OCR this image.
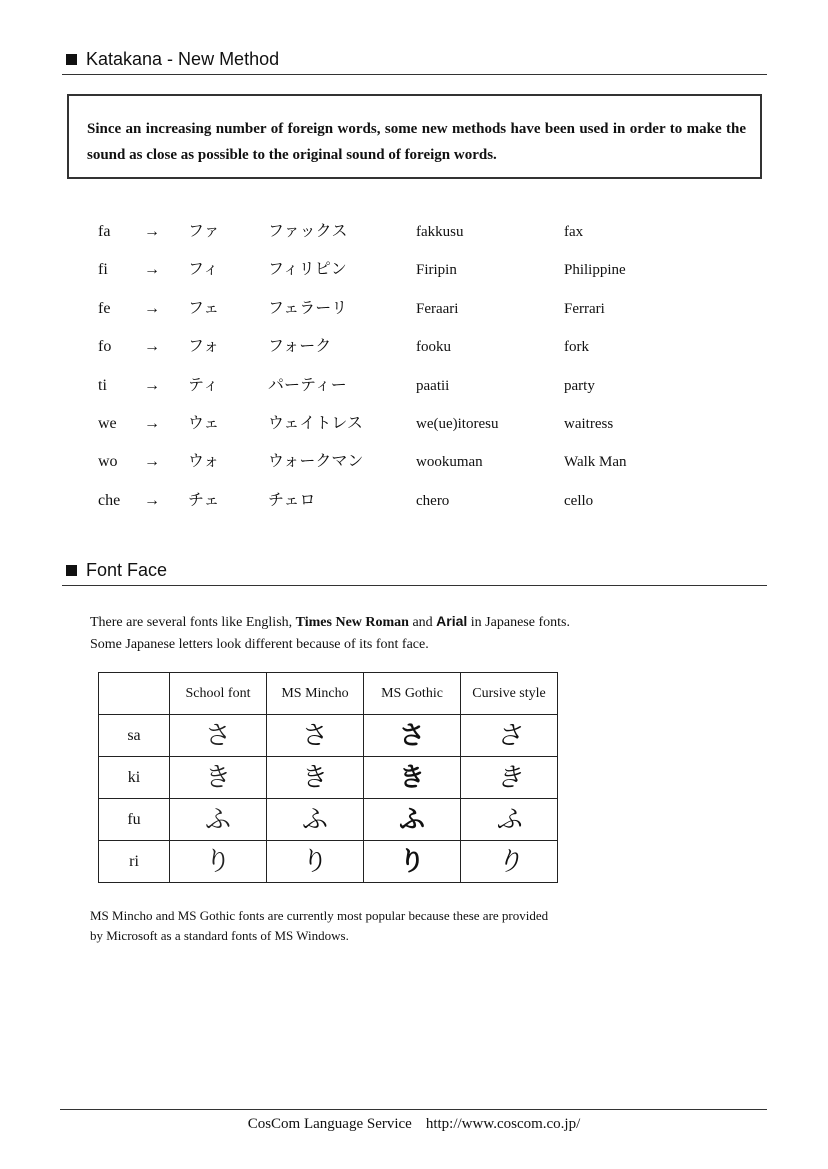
Katakana - New Method

Since an increasing number of foreign words, some new methods have been used in order to make the sound as close as possible to the original sound of foreign words.

fa → ファ	ファックス	fakkusu	fax
fi → フィ	フィリピン	Firipin	Philippine
fe → フェ	フェラーリ	Feraari	Ferrari
fo → フォ	フォーク	fooku	fork
ti → ティ	パーティー	paatii	party
we → ウェ	ウェイトレス	we(ue)itoresu	waitress
wo → ウォ	ウォークマン	wookuman	Walk Man
che → チェ	チェロ	chero	cello
Font Face
There are several fonts like English, Times New Roman and Arial in Japanese fonts.
Some Japanese letters look different because of its font face.
	School font	MS Mincho	MS Gothic	Cursive style
sa	さ	さ	さ	さ
ki	き	き	き	き
fu	ふ	ふ	ふ	ふ
ri	り	り	り	り
MS Mincho and MS Gothic fonts are currently most popular because these are provided
by Microsoft as a standard fonts of MS Windows.
CosCom Language Service http://www.coscom.co.jp/
